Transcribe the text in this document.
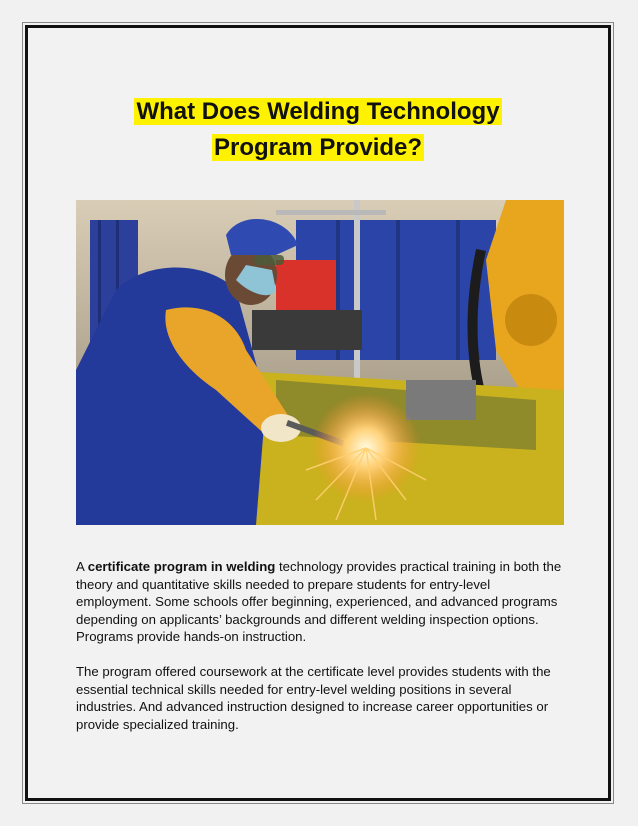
What Does Welding Technology
Program Provide?

A certificate program in welding technology provides practical training in both the theory and quantitative skills needed to prepare students for entry-level employment. Some schools offer beginning, experienced, and advanced programs depending on applicants’ backgrounds and different welding inspection options. Programs provide hands-on instruction.

The program offered coursework at the certificate level provides students with the essential technical skills needed for entry-level welding positions in several industries. And advanced instruction designed to increase career opportunities or provide specialized training.
